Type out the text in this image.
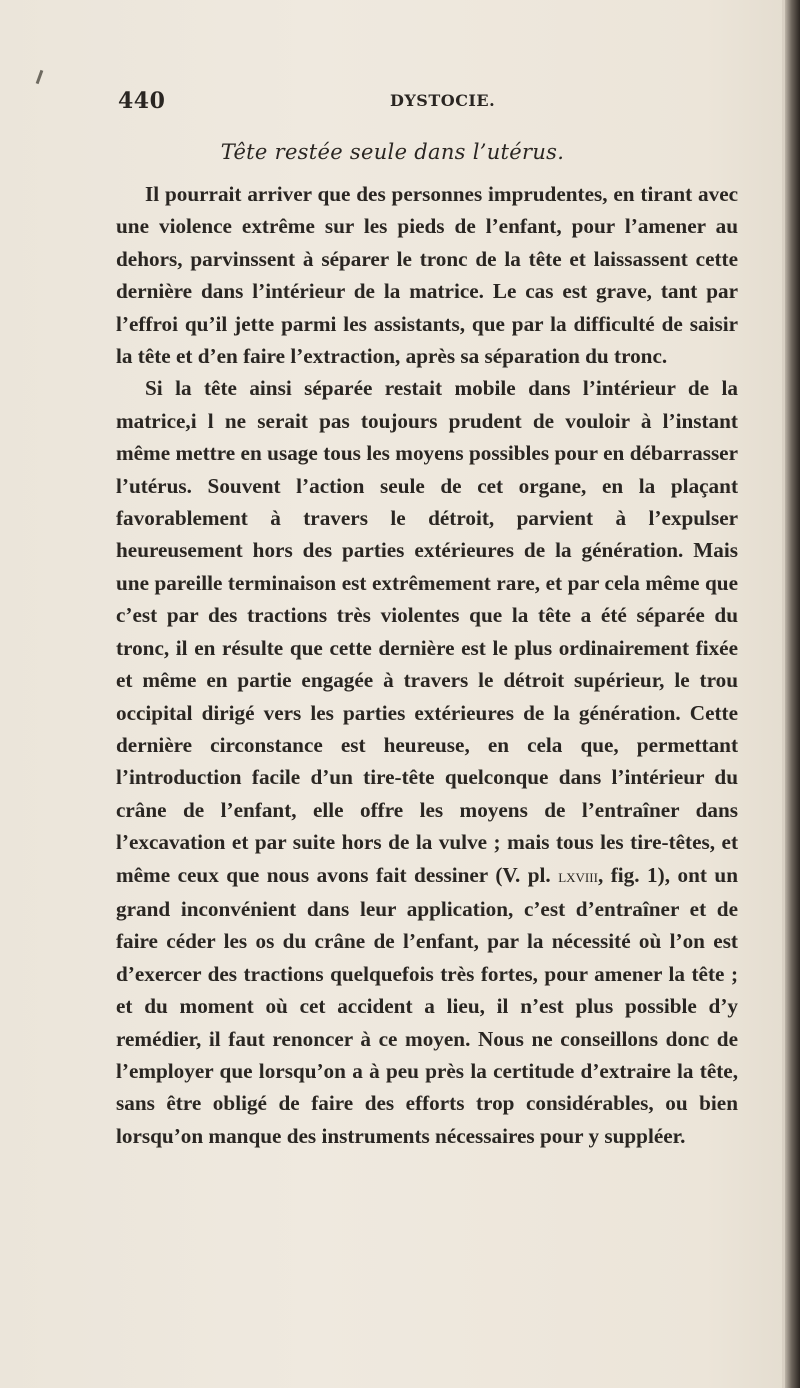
440	DYSTOCIE.
Tête restée seule dans l’utérus.

Il pourrait arriver que des personnes imprudentes, en tirant avec une violence extrême sur les pieds de l’enfant, pour l’amener au dehors, parvinssent à séparer le tronc de la tête et laissassent cette dernière dans l’intérieur de la matrice. Le cas est grave, tant par l’effroi qu’il jette parmi les assistants, que par la difficulté de saisir la tête et d’en faire l’extraction, après sa séparation du tronc.

Si la tête ainsi séparée restait mobile dans l’intérieur de la matrice,i l ne serait pas toujours prudent de vouloir à l’instant même mettre en usage tous les moyens possibles pour en débarrasser l’utérus. Souvent l’action seule de cet organe, en la plaçant favorablement à travers le détroit, parvient à l’expulser heureusement hors des parties extérieures de la génération. Mais une pareille terminaison est extrêmement rare, et par cela même que c’est par des tractions très violentes que la tête a été séparée du tronc, il en résulte que cette dernière est le plus ordinairement fixée et même en partie engagée à travers le détroit supérieur, le trou occipital dirigé vers les parties extérieures de la génération. Cette dernière circonstance est heureuse, en cela que, permettant l’introduction facile d’un tire-tête quelconque dans l’intérieur du crâne de l’enfant, elle offre les moyens de l’entraîner dans l’excavation et par suite hors de la vulve ; mais tous les tire-têtes, et même ceux que nous avons fait dessiner (V. pl. lxviii, fig. 1), ont un grand inconvénient dans leur application, c’est d’entraîner et de faire céder les os du crâne de l’enfant, par la nécessité où l’on est d’exercer des tractions quelquefois très fortes, pour amener la tête ; et du moment où cet accident a lieu, il n’est plus possible d’y remédier, il faut renoncer à ce moyen. Nous ne conseillons donc de l’employer que lorsqu’on a à peu près la certitude d’extraire la tête, sans être obligé de faire des efforts trop considérables, ou bien lorsqu’on manque des instruments nécessaires pour y suppléer.
